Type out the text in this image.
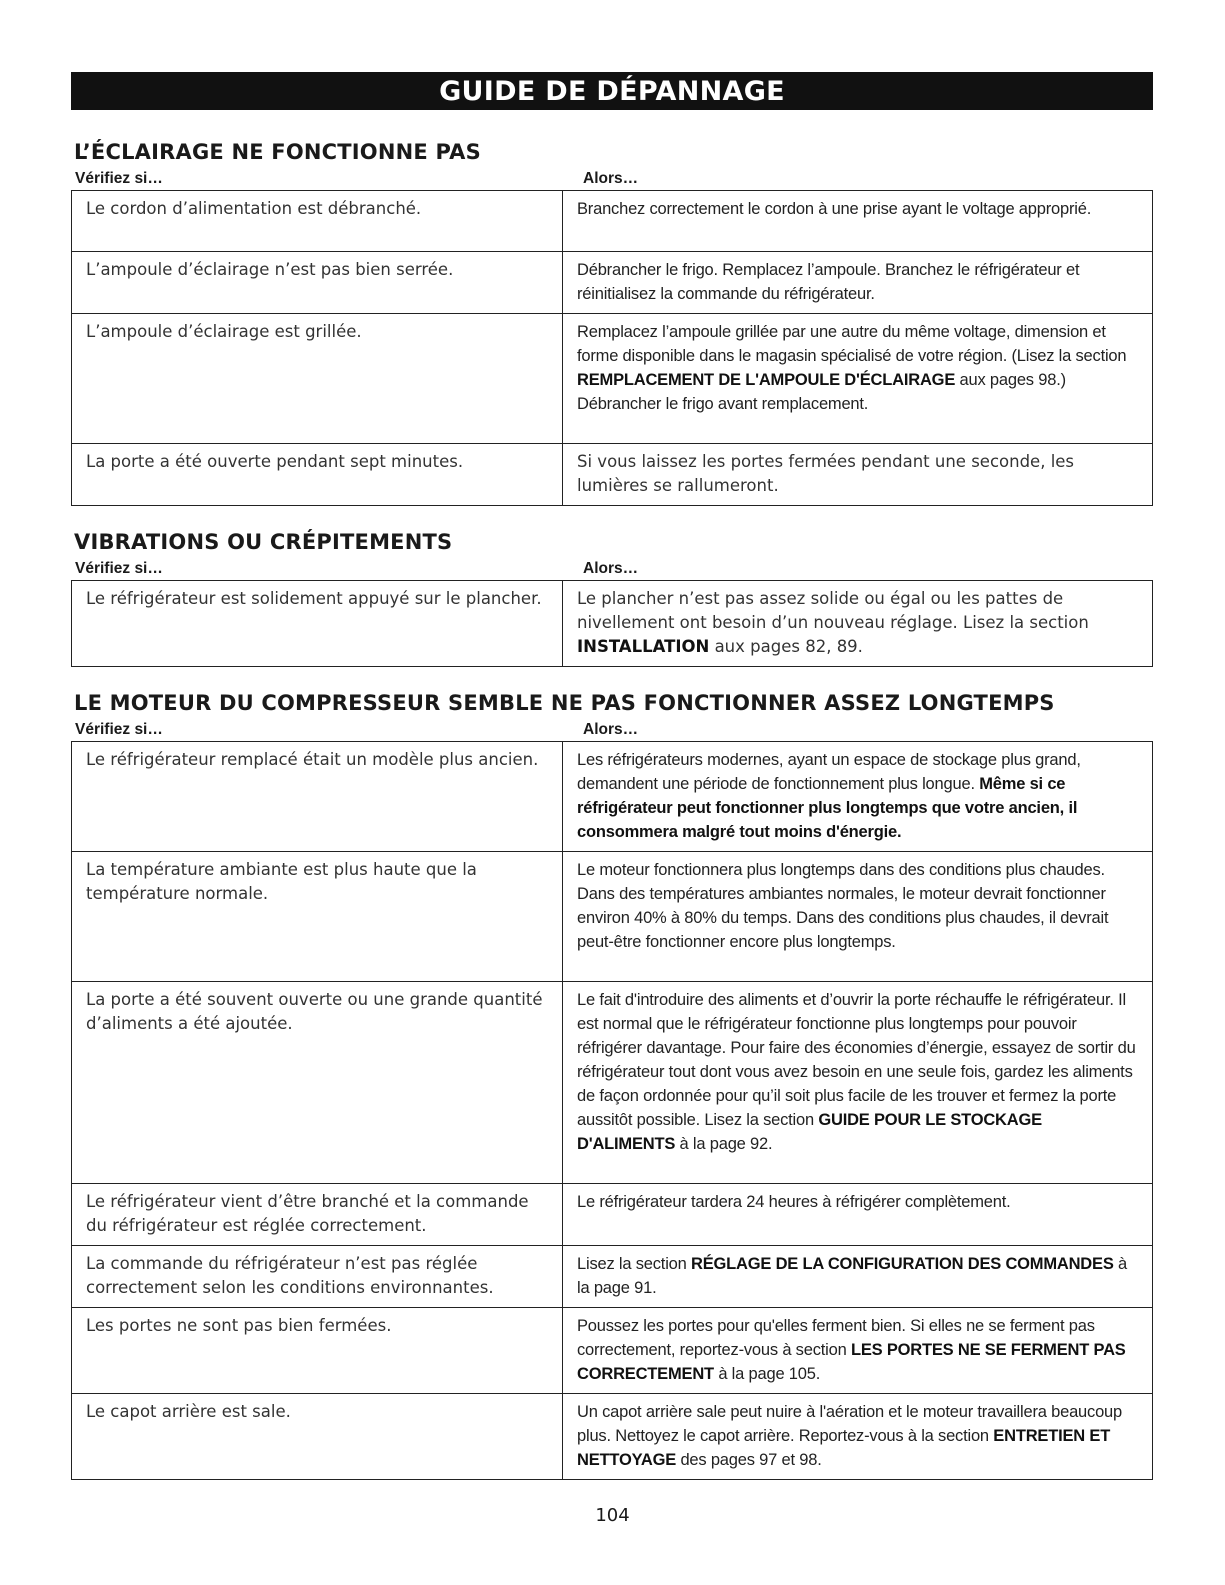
GUIDE DE DÉPANNAGE
L’ÉCLAIRAGE NE FONCTIONNE PAS
Vérifiez si…	Alors…
Le cordon d’alimentation est débranché.	Branchez correctement le cordon à une prise ayant le voltage approprié.
L’ampoule d’éclairage n’est pas bien serrée.	Débrancher le frigo. Remplacez l’ampoule. Branchez le réfrigérateur et réinitialisez la commande du réfrigérateur.
L’ampoule d’éclairage est grillée.	Remplacez l’ampoule grillée par une autre du même voltage, dimension et forme disponible dans le magasin spécialisé de votre région. (Lisez la section REMPLACEMENT DE L'AMPOULE D'ÉCLAIRAGE aux pages 98.) Débrancher le frigo avant remplacement.
La porte a été ouverte pendant sept minutes.	Si vous laissez les portes fermées pendant une seconde, les lumières se rallumeront.
VIBRATIONS OU CRÉPITEMENTS
Vérifiez si…	Alors…
Le réfrigérateur est solidement appuyé sur le plancher.	Le plancher n’est pas assez solide ou égal ou les pattes de nivellement ont besoin d’un nouveau réglage. Lisez la section INSTALLATION aux pages 82, 89.
LE MOTEUR DU COMPRESSEUR SEMBLE NE PAS FONCTIONNER ASSEZ LONGTEMPS
Vérifiez si…	Alors…
Le réfrigérateur remplacé était un modèle plus ancien.	Les réfrigérateurs modernes, ayant un espace de stockage plus grand, demandent une période de fonctionnement plus longue. Même si ce réfrigérateur peut fonctionner plus longtemps que votre ancien, il consommera malgré tout moins d'énergie.
La température ambiante est plus haute que la température normale.	Le moteur fonctionnera plus longtemps dans des conditions plus chaudes. Dans des températures ambiantes normales, le moteur devrait fonctionner environ 40% à 80% du temps. Dans des conditions plus chaudes, il devrait peut-être fonctionner encore plus longtemps.
La porte a été souvent ouverte ou une grande quantité d’aliments a été ajoutée.	Le fait d'introduire des aliments et d’ouvrir la porte réchauffe le réfrigérateur. Il est normal que le réfrigérateur fonctionne plus longtemps pour pouvoir réfrigérer davantage. Pour faire des économies d’énergie, essayez de sortir du réfrigérateur tout dont vous avez besoin en une seule fois, gardez les aliments de façon ordonnée pour qu’il soit plus facile de les trouver et fermez la porte aussitôt possible. Lisez la section GUIDE POUR LE STOCKAGE D'ALIMENTS à la page 92.
Le réfrigérateur vient d’être branché et la commande du réfrigérateur est réglée correctement.	Le réfrigérateur tardera 24 heures à réfrigérer complètement.
La commande du réfrigérateur n’est pas réglée correctement selon les conditions environnantes.	Lisez la section RÉGLAGE DE LA CONFIGURATION DES COMMANDES à la page 91.
Les portes ne sont pas bien fermées.	Poussez les portes pour qu'elles ferment bien. Si elles ne se ferment pas correctement, reportez-vous à section LES PORTES NE SE FERMENT PAS CORRECTEMENT à la page 105.
Le capot arrière est sale.	Un capot arrière sale peut nuire à l'aération et le moteur travaillera beaucoup plus. Nettoyez le capot arrière. Reportez-vous à la section ENTRETIEN ET NETTOYAGE des pages 97 et 98.
104
